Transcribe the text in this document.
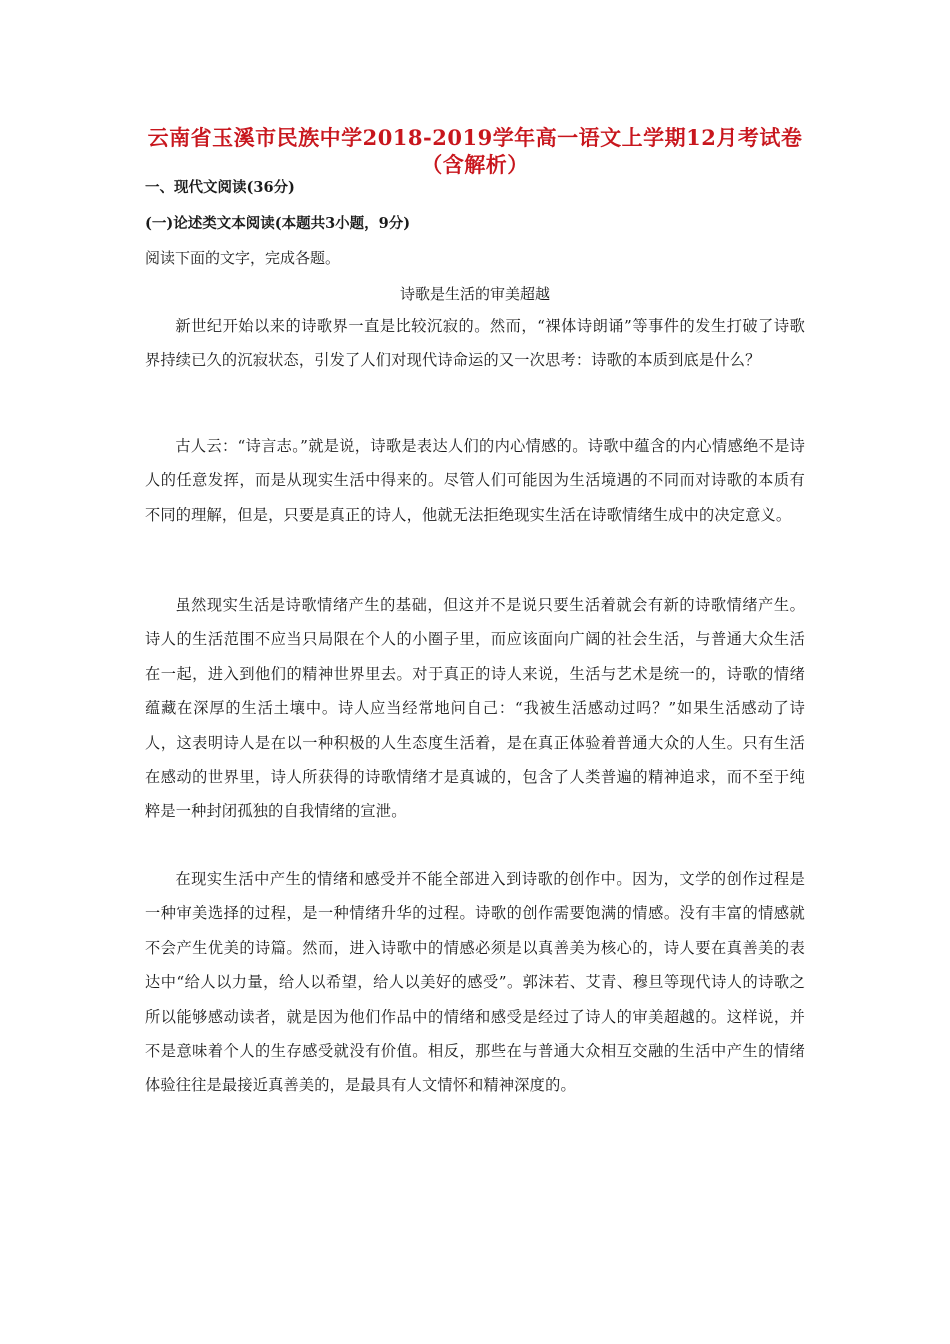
云南省玉溪市民族中学2018-2019学年高一语文上学期12月考试卷
（含解析）
一、现代文阅读(36分)
(一)论述类文本阅读(本题共3小题，9分)
阅读下面的文字，完成各题。
诗歌是生活的审美超越

新世纪开始以来的诗歌界一直是比较沉寂的。然而，“裸体诗朗诵”等事件的发生打破了诗歌界持续已久的沉寂状态，引发了人们对现代诗命运的又一次思考：诗歌的本质到底是什么？

古人云：“诗言志。”就是说，诗歌是表达人们的内心情感的。诗歌中蕴含的内心情感绝不是诗人的任意发挥，而是从现实生活中得来的。尽管人们可能因为生活境遇的不同而对诗歌的本质有不同的理解，但是，只要是真正的诗人，他就无法拒绝现实生活在诗歌情绪生成中的决定意义。

虽然现实生活是诗歌情绪产生的基础，但这并不是说只要生活着就会有新的诗歌情绪产生。诗人的生活范围不应当只局限在个人的小圈子里，而应该面向广阔的社会生活，与普通大众生活在一起，进入到他们的精神世界里去。对于真正的诗人来说，生活与艺术是统一的，诗歌的情绪蕴藏在深厚的生活土壤中。诗人应当经常地问自己：“我被生活感动过吗？”如果生活感动了诗人，这表明诗人是在以一种积极的人生态度生活着，是在真正体验着普通大众的人生。只有生活在感动的世界里，诗人所获得的诗歌情绪才是真诚的，包含了人类普遍的精神追求，而不至于纯粹是一种封闭孤独的自我情绪的宣泄。

在现实生活中产生的情绪和感受并不能全部进入到诗歌的创作中。因为，文学的创作过程是一种审美选择的过程，是一种情绪升华的过程。诗歌的创作需要饱满的情感。没有丰富的情感就不会产生优美的诗篇。然而，进入诗歌中的情感必须是以真善美为核心的，诗人要在真善美的表达中“给人以力量，给人以希望，给人以美好的感受”。郭沫若、艾青、穆旦等现代诗人的诗歌之所以能够感动读者，就是因为他们作品中的情绪和感受是经过了诗人的审美超越的。这样说，并不是意味着个人的生存感受就没有价值。相反，那些在与普通大众相互交融的生活中产生的情绪体验往往是最接近真善美的，是最具有人文情怀和精神深度的。
